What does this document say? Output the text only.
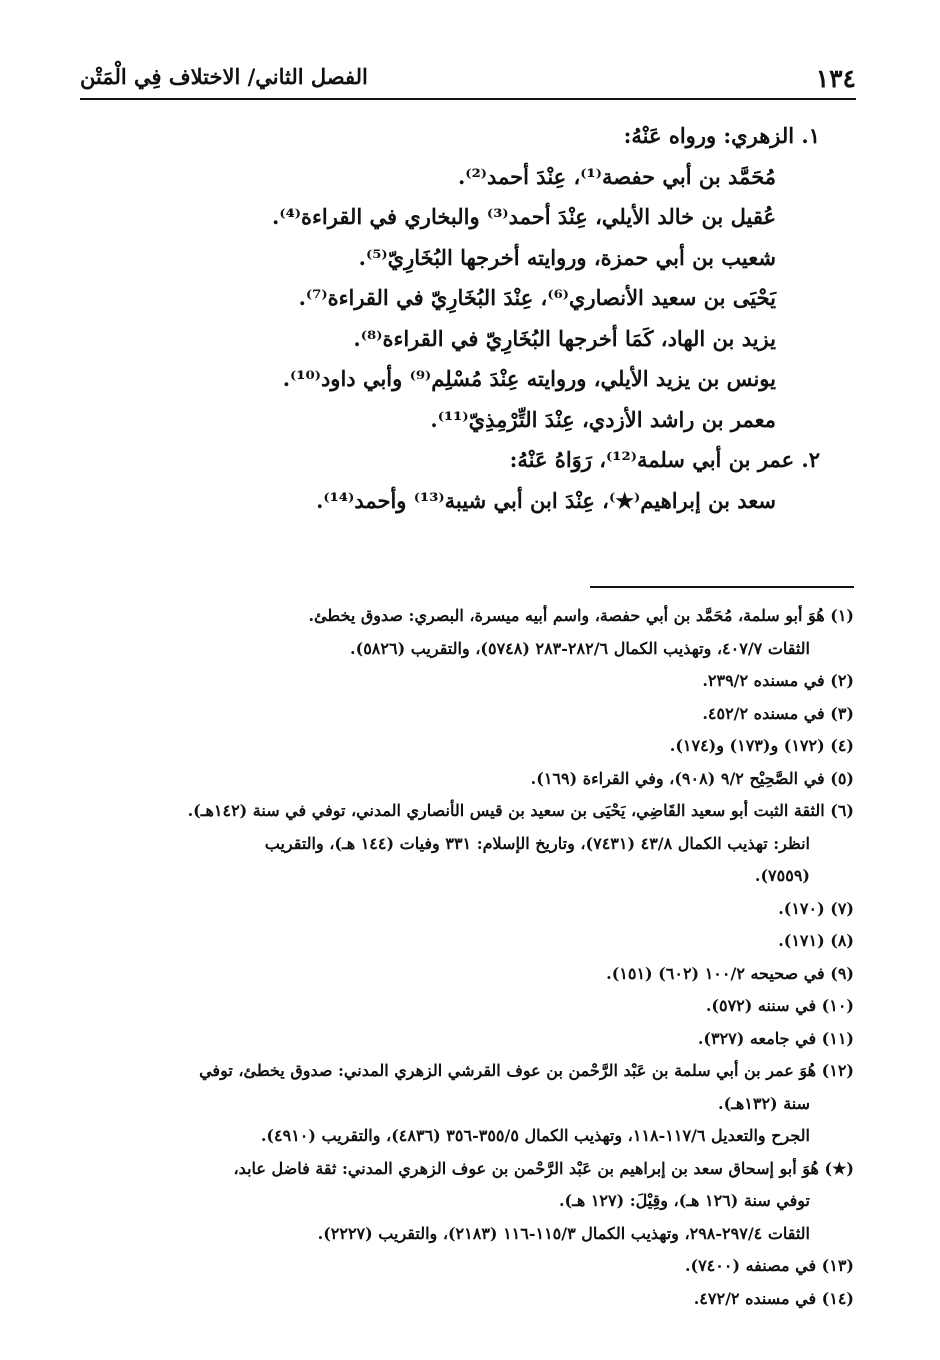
١٣٤
الفصل الثاني/ الاختلاف فِي الْمَتْن
١. الزهري: ورواه عَنْهُ:
مُحَمَّد بن أبي حفصة⁽¹⁾، عِنْدَ أحمد⁽²⁾.
عُقيل بن خالد الأيلي، عِنْدَ أحمد⁽³⁾ والبخاري في القراءة⁽⁴⁾.
شعيب بن أبي حمزة، وروايته أخرجها البُخَارِيّ⁽⁵⁾.
يَحْيَى بن سعيد الأنصاري⁽⁶⁾، عِنْدَ البُخَارِيّ في القراءة⁽⁷⁾.
يزيد بن الهاد، كَمَا أخرجها البُخَارِيّ في القراءة⁽⁸⁾.
يونس بن يزيد الأيلي، وروايته عِنْدَ مُسْلِم⁽⁹⁾ وأبي داود⁽¹⁰⁾.
معمر بن راشد الأزدي، عِنْدَ التِّرْمِذِيّ⁽¹¹⁾.
٢. عمر بن أبي سلمة⁽¹²⁾، رَوَاهُ عَنْهُ:
سعد بن إبراهيم⁽★⁾، عِنْدَ ابن أبي شيبة⁽¹³⁾ وأحمد⁽¹⁴⁾.
(١) هُوَ أبو سلمة، مُحَمَّد بن أبي حفصة، واسم أبيه ميسرة، البصري: صدوق يخطئ.
الثقات ٤٠٧/٧، وتهذيب الكمال ٢٨٢/٦-٢٨٣ (٥٧٤٨)، والتقريب (٥٨٢٦).
(٢) في مسنده ٢٣٩/٢.
(٣) في مسنده ٤٥٢/٢.
(٤) (١٧٢) و(١٧٣) و(١٧٤).
(٥) في الصَّحِيْح ٩/٢ (٩٠٨)، وفي القراءة (١٦٩).
(٦) الثقة الثبت أبو سعيد القَاضِي، يَحْيَى بن سعيد بن قيس الأنصاري المدني، توفي في سنة (١٤٢هـ).
انظر: تهذيب الكمال ٤٣/٨ (٧٤٣١)، وتاريخ الإسلام: ٣٣١ وفيات (١٤٤ هـ)، والتقريب
(٧٥٥٩).
(٧) (١٧٠).
(٨) (١٧١).
(٩) في صحيحه ١٠٠/٢ (٦٠٢) (١٥١).
(١٠) في سننه (٥٧٢).
(١١) في جامعه (٣٢٧).
(١٢) هُوَ عمر بن أبي سلمة بن عَبْد الرَّحْمن بن عوف القرشي الزهري المدني: صدوق يخطئ، توفي
سنة (١٣٢هـ).
الجرح والتعديل ١١٧/٦-١١٨، وتهذيب الكمال ٣٥٥/٥-٣٥٦ (٤٨٣٦)، والتقريب (٤٩١٠).
(★) هُوَ أبو إسحاق سعد بن إبراهيم بن عَبْد الرَّحْمن بن عوف الزهري المدني: ثقة فاضل عابد،
توفي سنة (١٢٦ هـ)، وقِيْلَ: (١٢٧ هـ).
الثقات ٢٩٧/٤-٢٩٨، وتهذيب الكمال ١١٥/٣-١١٦ (٢١٨٣)، والتقريب (٢٢٢٧).
(١٣) في مصنفه (٧٤٠٠).
(١٤) في مسنده ٤٧٢/٢.
